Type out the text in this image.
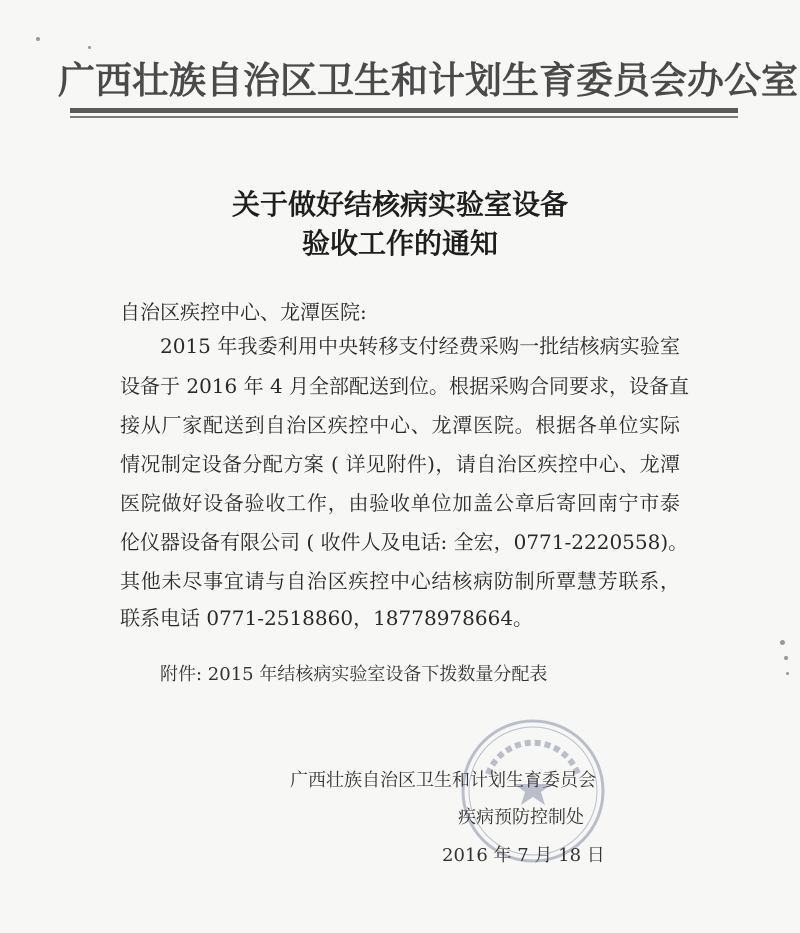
广西壮族自治区卫生和计划生育委员会办公室
关于做好结核病实验室设备
验收工作的通知
自治区疾控中心、龙潭医院:
2015 年我委利用中央转移支付经费采购一批结核病实验室
设备于 2016 年 4 月全部配送到位。根据采购合同要求，设备直
接从厂家配送到自治区疾控中心、龙潭医院。根据各单位实际
情况制定设备分配方案 ( 详见附件)，请自治区疾控中心、龙潭
医院做好设备验收工作，由验收单位加盖公章后寄回南宁市泰
伦仪器设备有限公司 ( 收件人及电话: 全宏，0771-2220558)。
其他未尽事宜请与自治区疾控中心结核病防制所覃慧芳联系，
联系电话 0771-2518860，18778978664。
附件: 2015 年结核病实验室设备下拨数量分配表
广西壮族自治区卫生和计划生育委员会
疾病预防控制处
2016 年 7 月 18 日
